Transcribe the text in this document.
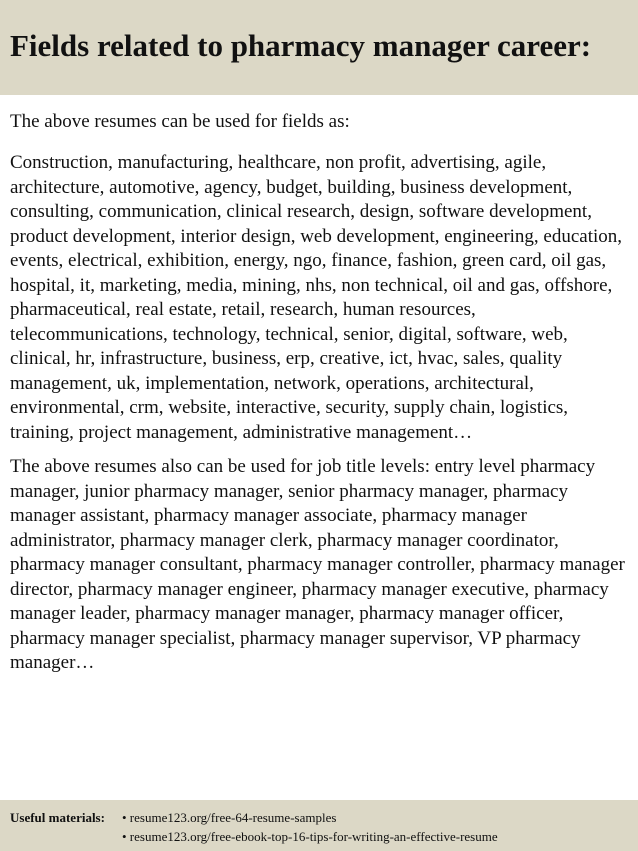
Fields related to pharmacy manager career:

The above resumes can be used for fields as:

Construction, manufacturing, healthcare, non profit, advertising, agile, architecture, automotive, agency, budget, building, business development, consulting, communication, clinical research, design, software development, product development, interior design, web development, engineering, education, events, electrical, exhibition, energy, ngo, finance, fashion, green card, oil gas, hospital, it, marketing, media, mining, nhs, non technical, oil and gas, offshore, pharmaceutical, real estate, retail, research, human resources, telecommunications, technology, technical, senior, digital, software, web, clinical, hr, infrastructure, business, erp, creative, ict, hvac, sales, quality management, uk, implementation, network, operations, architectural, environmental, crm, website, interactive, security, supply chain, logistics, training, project management, administrative management…

The above resumes also can be used for job title levels: entry level pharmacy manager, junior pharmacy manager, senior pharmacy manager, pharmacy manager assistant, pharmacy manager associate, pharmacy manager administrator, pharmacy manager clerk, pharmacy manager coordinator, pharmacy manager consultant, pharmacy manager controller, pharmacy manager director, pharmacy manager engineer, pharmacy manager executive, pharmacy manager leader, pharmacy manager manager, pharmacy manager officer, pharmacy manager specialist, pharmacy manager supervisor, VP pharmacy manager…

Useful materials:	• resume123.org/free-64-resume-samples
• resume123.org/free-ebook-top-16-tips-for-writing-an-effective-resume
